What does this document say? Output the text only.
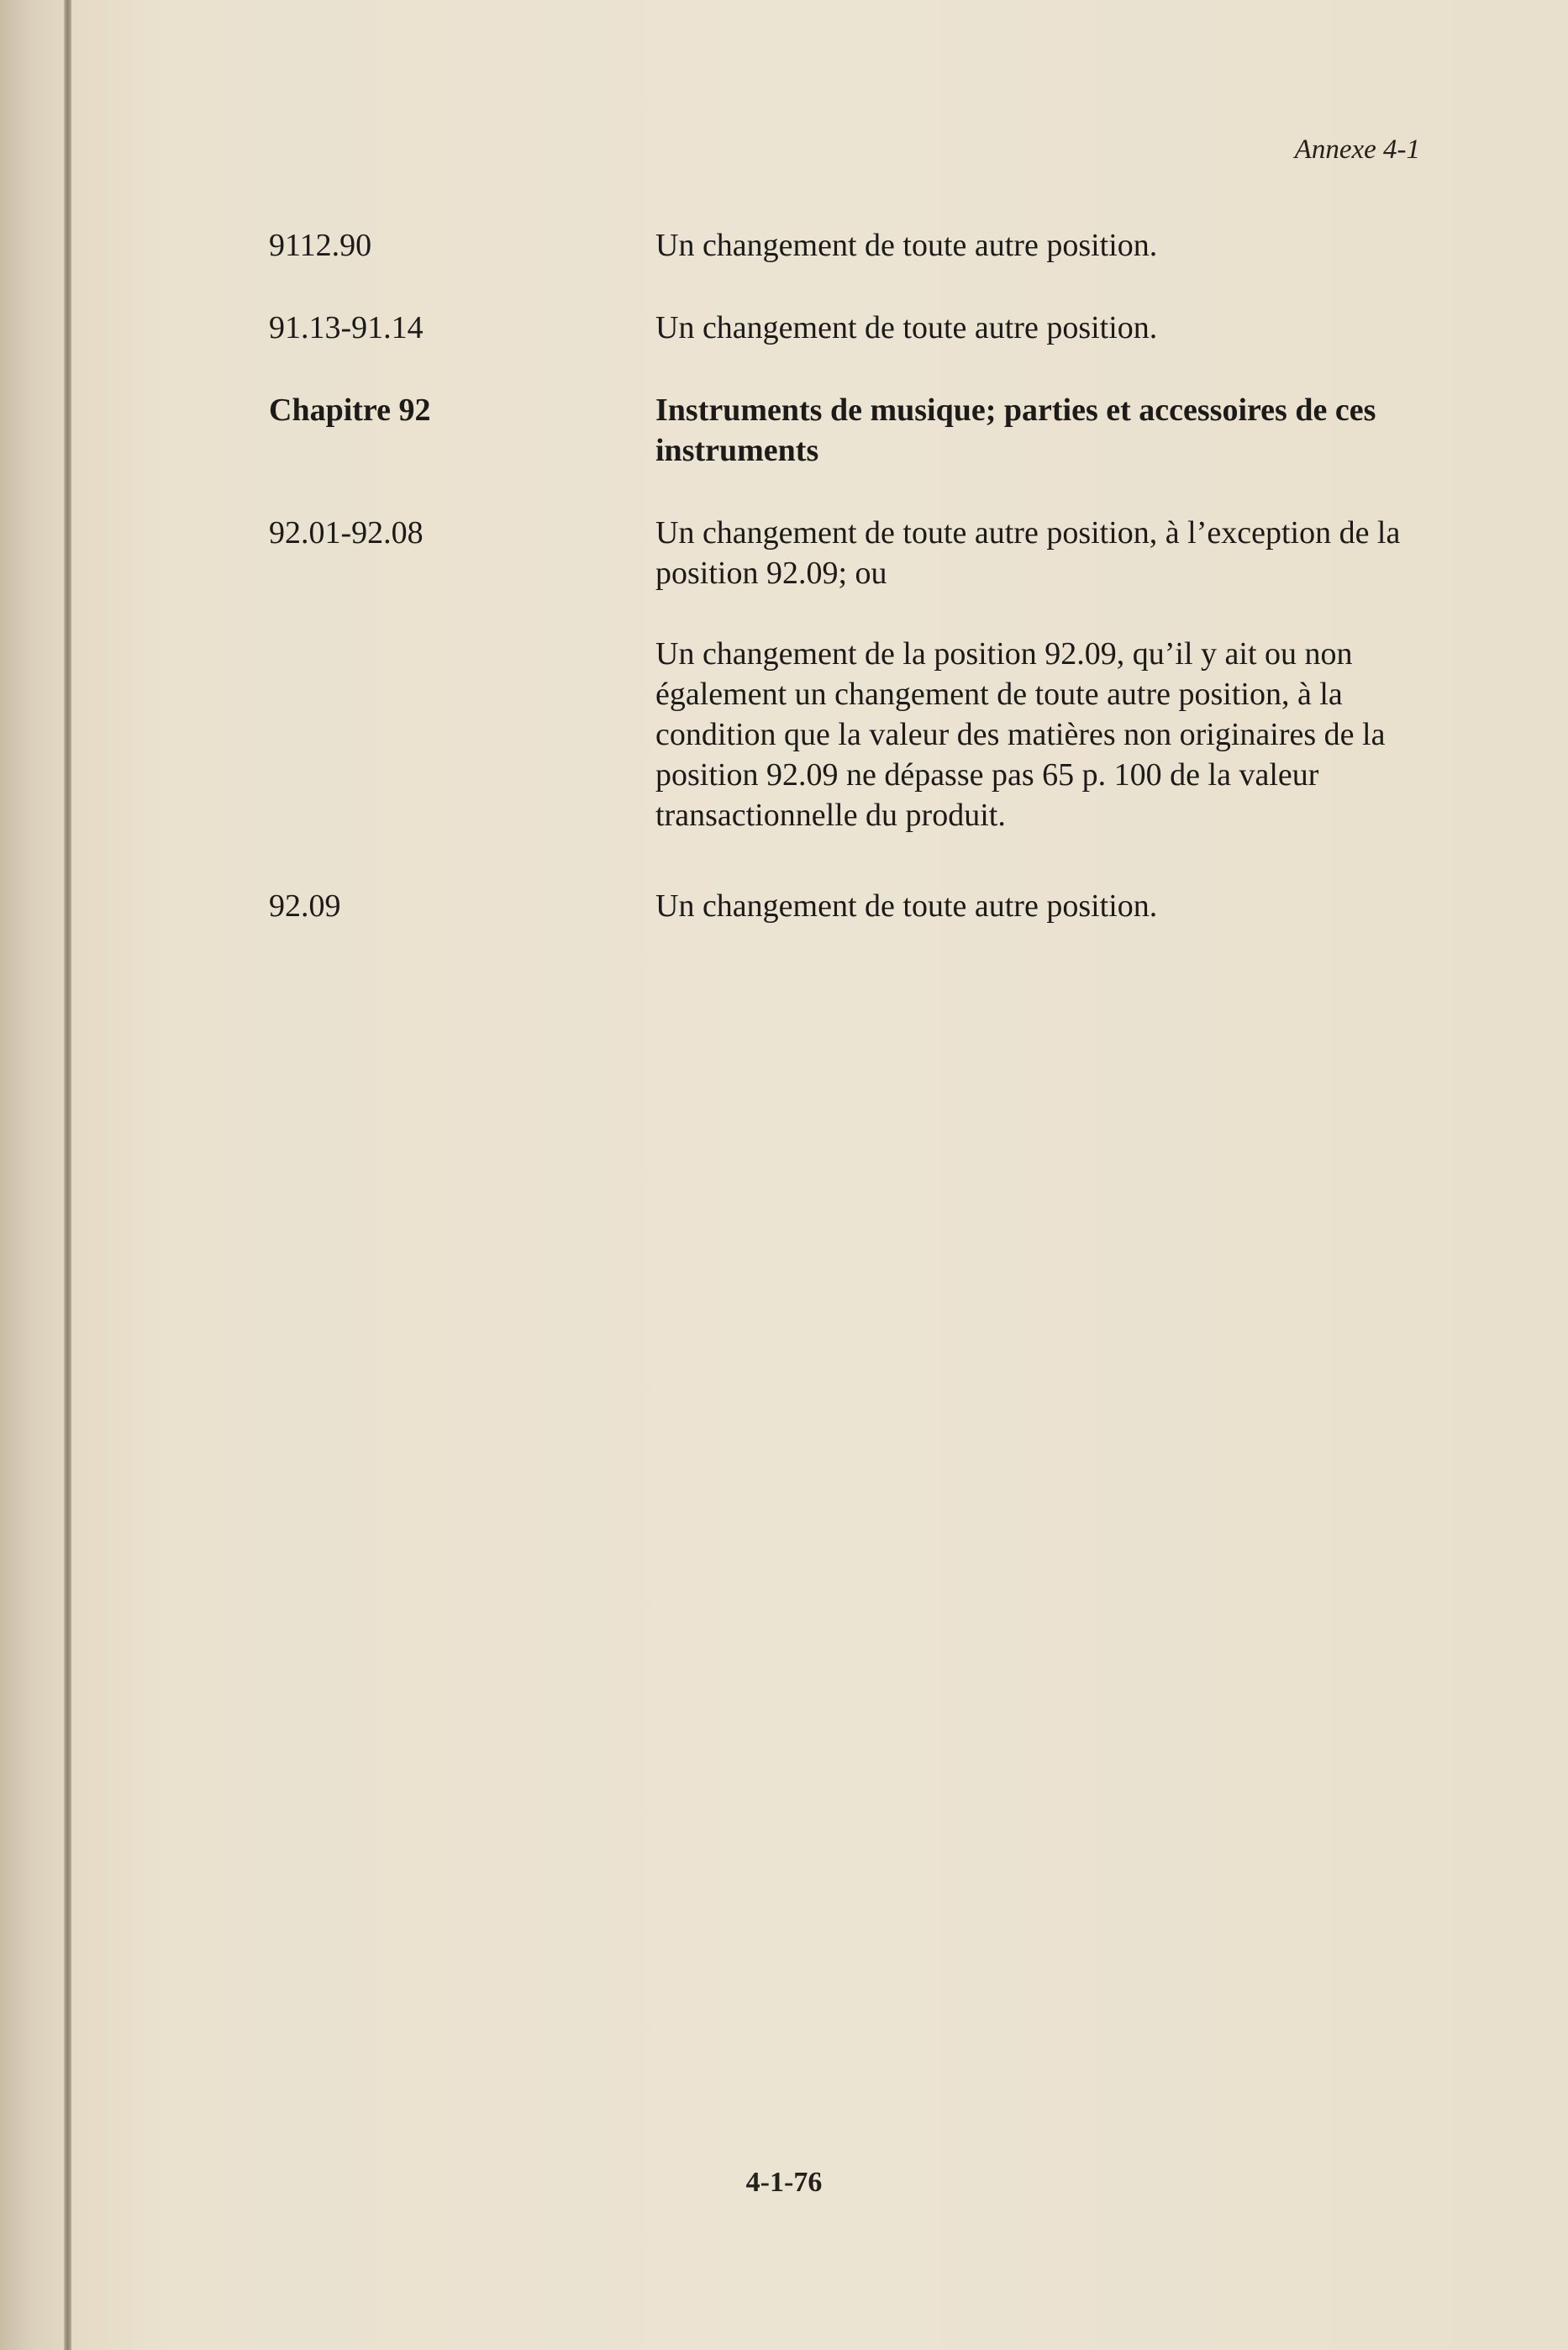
Annexe 4-1
9112.90	Un changement de toute autre position.

91.13-91.14	Un changement de toute autre position.

Chapitre 92	Instruments de musique; parties et accessoires de ces instruments

92.01-92.08	Un changement de toute autre position, à l’exception de la position 92.09; ou

Un changement de la position 92.09, qu’il y ait ou non également un changement de toute autre position, à la condition que la valeur des matières non originaires de la position 92.09 ne dépasse pas 65 p. 100 de la valeur transactionnelle du produit.

92.09	Un changement de toute autre position.

4-1-76
